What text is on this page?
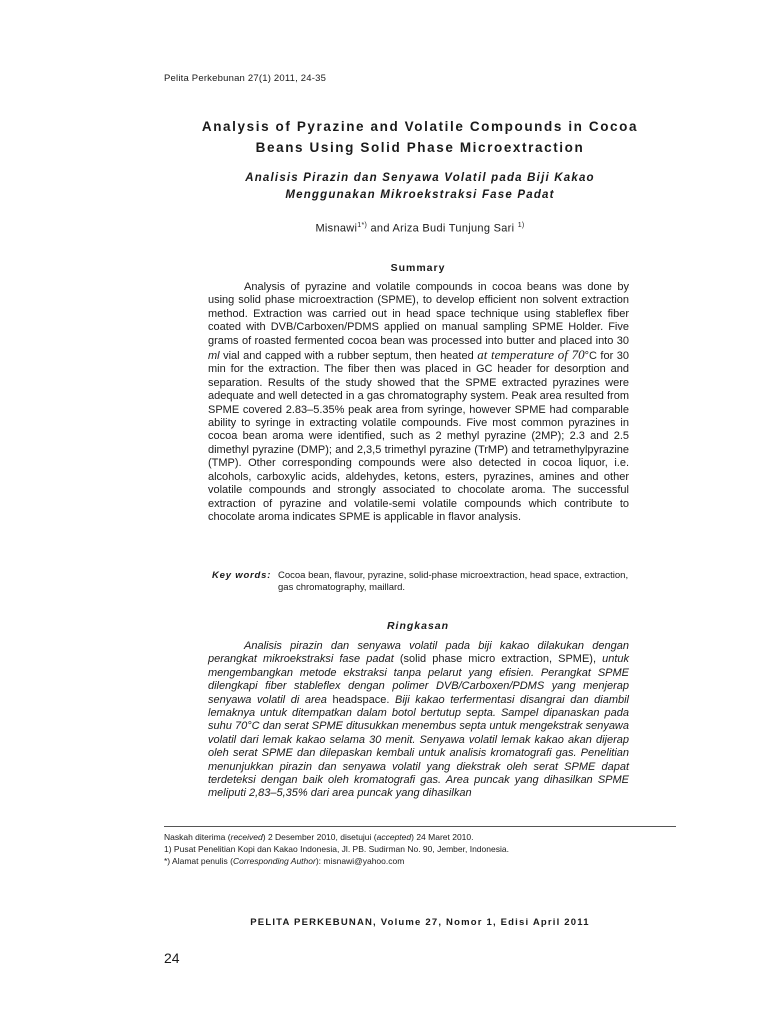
Pelita Perkebunan 27(1) 2011, 24-35
Analysis of Pyrazine and Volatile Compounds in Cocoa
Beans Using Solid Phase Microextraction
Analisis Pirazin dan Senyawa Volatil pada Biji Kakao
Menggunakan Mikroekstraksi Fase Padat
Misnawi$^{1*)}$ and Ariza Budi Tunjung Sari $^{1)}$
Summary
Analysis of pyrazine and volatile compounds in cocoa beans was done by using solid phase microextraction (SPME), to develop efficient non solvent extraction method. Extraction was carried out in head space technique using stableflex fiber coated with DVB/Carboxen/PDMS applied on manual sampling SPME Holder. Five grams of roasted fermented cocoa bean was processed into butter and placed into 30 ml vial and capped with a rubber septum, then heated at temperature of 70°C for 30 min for the extraction. The fiber then was placed in GC header for desorption and separation. Results of the study showed that the SPME extracted pyrazines were adequate and well detected in a gas chromatography system. Peak area resulted from SPME covered 2.83–5.35% peak area from syringe, however SPME had comparable ability to syringe in extracting volatile compounds. Five most common pyrazines in cocoa bean aroma were identified, such as 2 methyl pyrazine (2MP); 2.3 and 2.5 dimethyl pyrazine (DMP); and 2,3,5 trimethyl pyrazine (TrMP) and tetramethylpyrazine (TMP). Other corresponding compounds were also detected in cocoa liquor, i.e. alcohols, carboxylic acids, aldehydes, ketons, esters, pyrazines, amines and other volatile compounds and strongly associated to chocolate aroma. The successful extraction of pyrazine and volatile-semi volatile compounds which contribute to chocolate aroma indicates SPME is applicable in flavor analysis.
Key words: Cocoa bean, flavour, pyrazine, solid-phase microextraction, head space, extraction, gas chromatography, maillard.
Ringkasan
Analisis pirazin dan senyawa volatil pada biji kakao dilakukan dengan perangkat mikroekstraksi fase padat (solid phase micro extraction, SPME), untuk mengembangkan metode ekstraksi tanpa pelarut yang efisien. Perangkat SPME dilengkapi fiber stableflex dengan polimer DVB/Carboxen/PDMS yang menjerap senyawa volatil di area headspace. Biji kakao terfermentasi disangrai dan diambil lemaknya untuk ditempatkan dalam botol bertutup septa. Sampel dipanaskan pada suhu 70°C dan serat SPME ditusukkan menembus septa untuk mengekstrak senyawa volatil dari lemak kakao selama 30 menit. Senyawa volatil lemak kakao akan dijerap oleh serat SPME dan dilepaskan kembali untuk analisis kromatografi gas. Penelitian menunjukkan pirazin dan senyawa volatil yang diekstrak oleh serat SPME dapat terdeteksi dengan baik oleh kromatografi gas. Area puncak yang dihasilkan SPME meliputi 2,83–5,35% dari area puncak yang dihasilkan
Naskah diterima (received) 2 Desember 2010, disetujui (accepted) 24 Maret 2010.
1) Pusat Penelitian Kopi dan Kakao Indonesia, Jl. PB. Sudirman No. 90, Jember, Indonesia.
*) Alamat penulis (Corresponding Author): misnawi@yahoo.com
PELITA PERKEBUNAN, Volume 27, Nomor 1, Edisi April 2011
24
